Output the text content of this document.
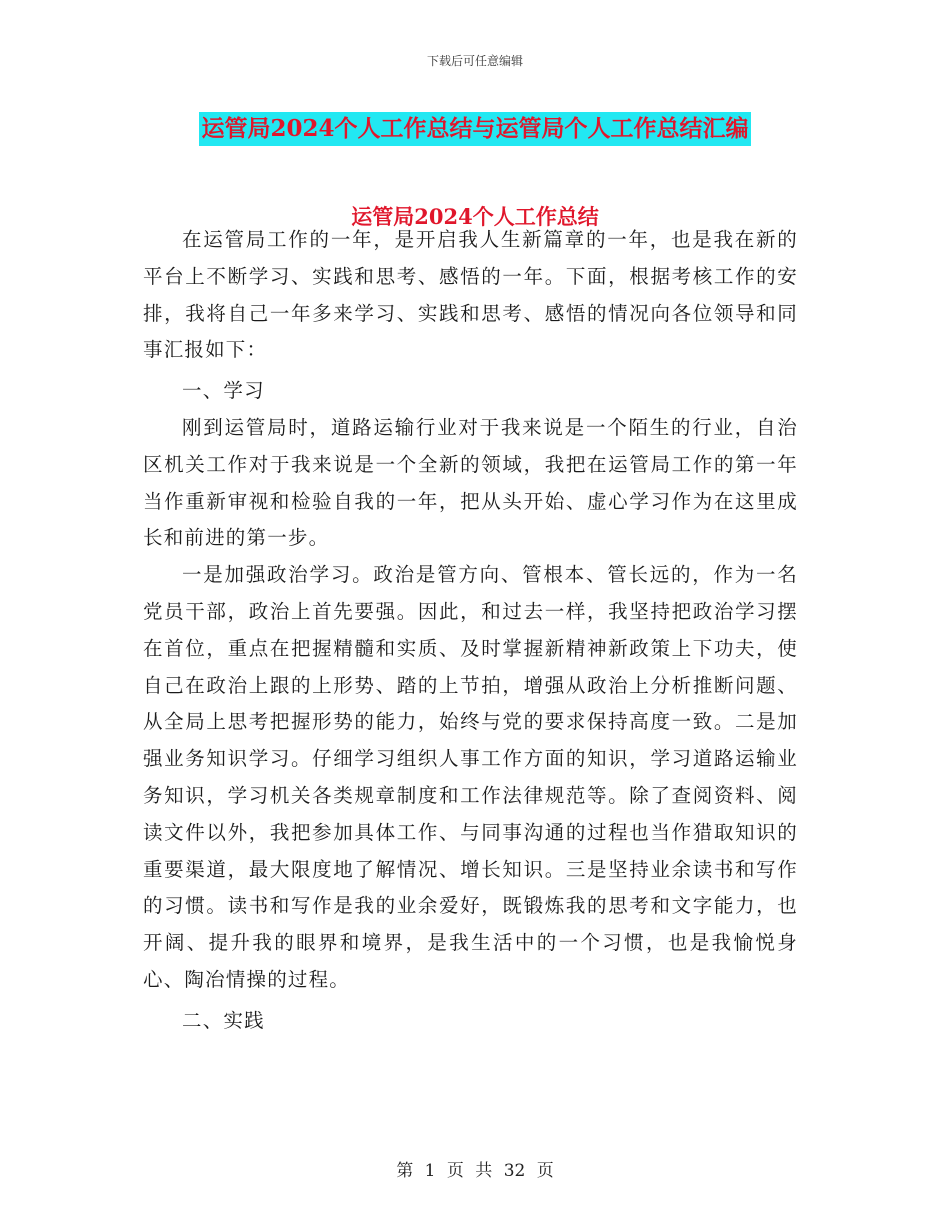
下载后可任意编辑
运管局2024个人工作总结与运管局个人工作总结汇编
运管局2024个人工作总结

在运管局工作的一年，是开启我人生新篇章的一年，也是我在新的平台上不断学习、实践和思考、感悟的一年。下面，根据考核工作的安排，我将自己一年多来学习、实践和思考、感悟的情况向各位领导和同事汇报如下：

一、学习

刚到运管局时，道路运输行业对于我来说是一个陌生的行业，自治区机关工作对于我来说是一个全新的领域，我把在运管局工作的第一年当作重新审视和检验自我的一年，把从头开始、虚心学习作为在这里成长和前进的第一步。

一是加强政治学习。政治是管方向、管根本、管长远的，作为一名党员干部，政治上首先要强。因此，和过去一样，我坚持把政治学习摆在首位，重点在把握精髓和实质、及时掌握新精神新政策上下功夫，使自己在政治上跟的上形势、踏的上节拍，增强从政治上分析推断问题、从全局上思考把握形势的能力，始终与党的要求保持高度一致。二是加强业务知识学习。仔细学习组织人事工作方面的知识，学习道路运输业务知识，学习机关各类规章制度和工作法律规范等。除了查阅资料、阅读文件以外，我把参加具体工作、与同事沟通的过程也当作猎取知识的重要渠道，最大限度地了解情况、增长知识。三是坚持业余读书和写作的习惯。读书和写作是我的业余爱好，既锻炼我的思考和文字能力，也开阔、提升我的眼界和境界，是我生活中的一个习惯，也是我愉悦身心、陶冶情操的过程。

二、实践

第 1 页 共 32 页
